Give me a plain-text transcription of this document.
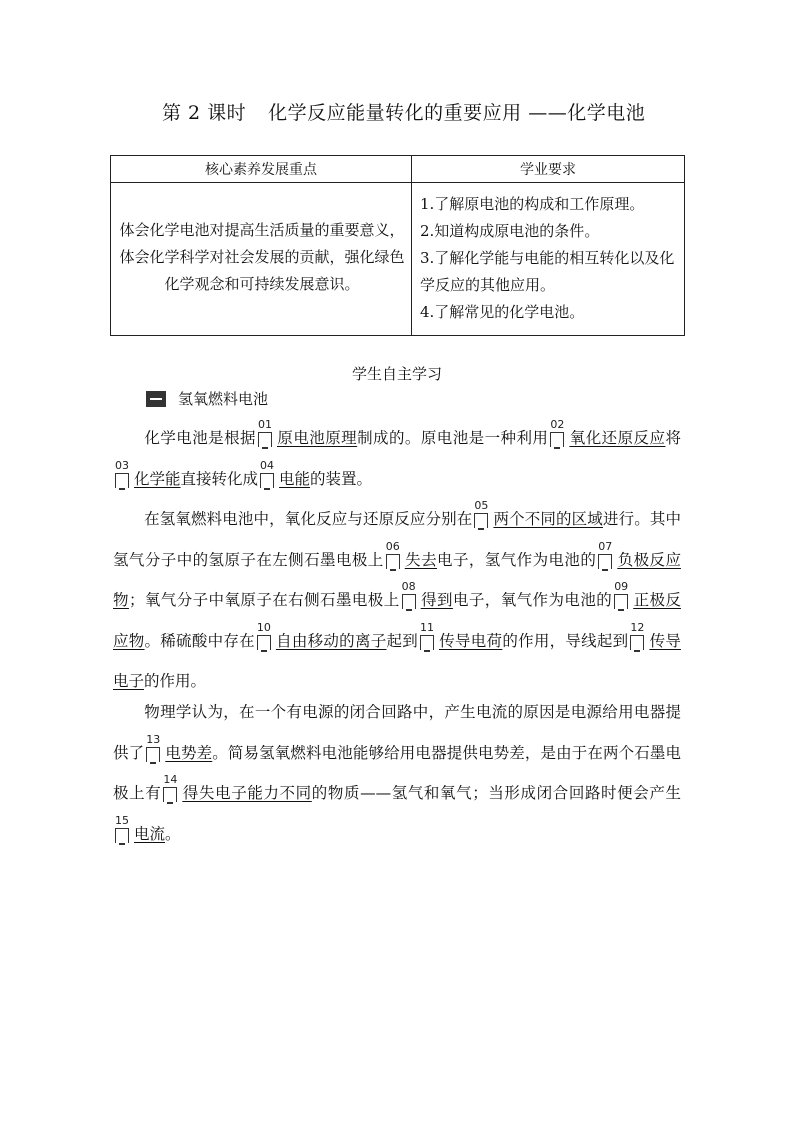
第 2 课时 化学反应能量转化的重要应用 ——化学电池
核心素养发展重点	学业要求

体会化学电池对提高生活质量的重要意义，体会化学科学对社会发展的贡献，强化绿色化学观念和可持续发展意识。	1.了解原电池的构成和工作原理。
2.知道构成原电池的条件。
3.了解化学能与电能的相互转化以及化学反应的其他应用。
4.了解常见的化学电池。
学生自主学习
氢氧燃料电池
化学电池是根据
01
原电池原理制成的。原电池是一种利用
02
氧化还原反应将
03
化学能直接转化成
04
电能的装置。
在氢氧燃料电池中，氧化反应与还原反应分别在
05
两个不同的区域进行。其中氢气分子中的氢原子在左侧石墨电极上
06
失去电子，氢气作为电池的
07
负极反应物；氧气分子中氧原子在右侧石墨电极上
08
得到电子，氧气作为电池的
09
正极反应物。稀硫酸中存在
10
自由移动的离子起到
11
传导电荷的作用，导线起到
12
传导电子的作用。
物理学认为，在一个有电源的闭合回路中，产生电流的原因是电源给用电器提供了
13
电势差。简易氢氧燃料电池能够给用电器提供电势差，是由于在两个石墨电极上有
14
得失电子能力不同的物质——氢气和氧气；当形成闭合回路时便会产生
15
电流。
